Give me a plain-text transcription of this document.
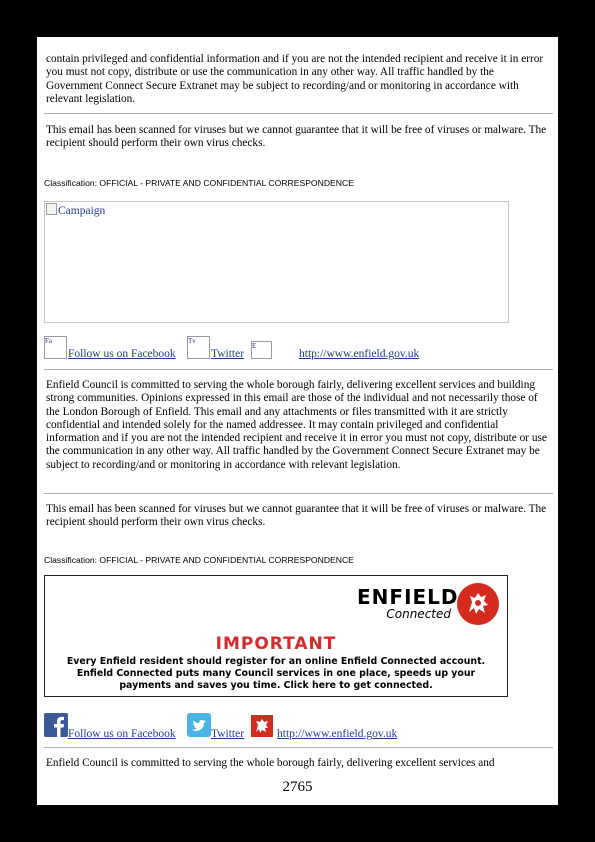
contain privileged and confidential information and if you are not the intended recipient and receive it in error you must not copy, distribute or use the communication in any other way. All traffic handled by the Government Connect Secure Extranet may be subject to recording/and or monitoring in accordance with relevant legislation.

This email has been scanned for viruses but we cannot guarantee that it will be free of viruses or malware. The recipient should perform their own virus checks.

Classification: OFFICIAL - PRIVATE AND CONFIDENTIAL CORRESPONDENCE
Campaign
Fa
Follow us on Facebook
Tv
Twitter
E
http://www.enfield.gov.uk

Enfield Council is committed to serving the whole borough fairly, delivering excellent services and building strong communities. Opinions expressed in this email are those of the individual and not necessarily those of the London Borough of Enfield. This email and any attachments or files transmitted with it are strictly confidential and intended solely for the named addressee. It may contain privileged and confidential information and if you are not the intended recipient and receive it in error you must not copy, distribute or use the communication in any other way. All traffic handled by the Government Connect Secure Extranet may be subject to recording/and or monitoring in accordance with relevant legislation.

This email has been scanned for viruses but we cannot guarantee that it will be free of viruses or malware. The recipient should perform their own virus checks.

Classification: OFFICIAL - PRIVATE AND CONFIDENTIAL CORRESPONDENCE
ENFIELD
Connected
IMPORTANT
Every Enfield resident should register for an online Enfield Connected account.
Enfield Connected puts many Council services in one place, speeds up your
payments and saves you time. Click here to get connected.
Follow us on Facebook	Twitter	http://www.enfield.gov.uk

Enfield Council is committed to serving the whole borough fairly, delivering excellent services and

2765
